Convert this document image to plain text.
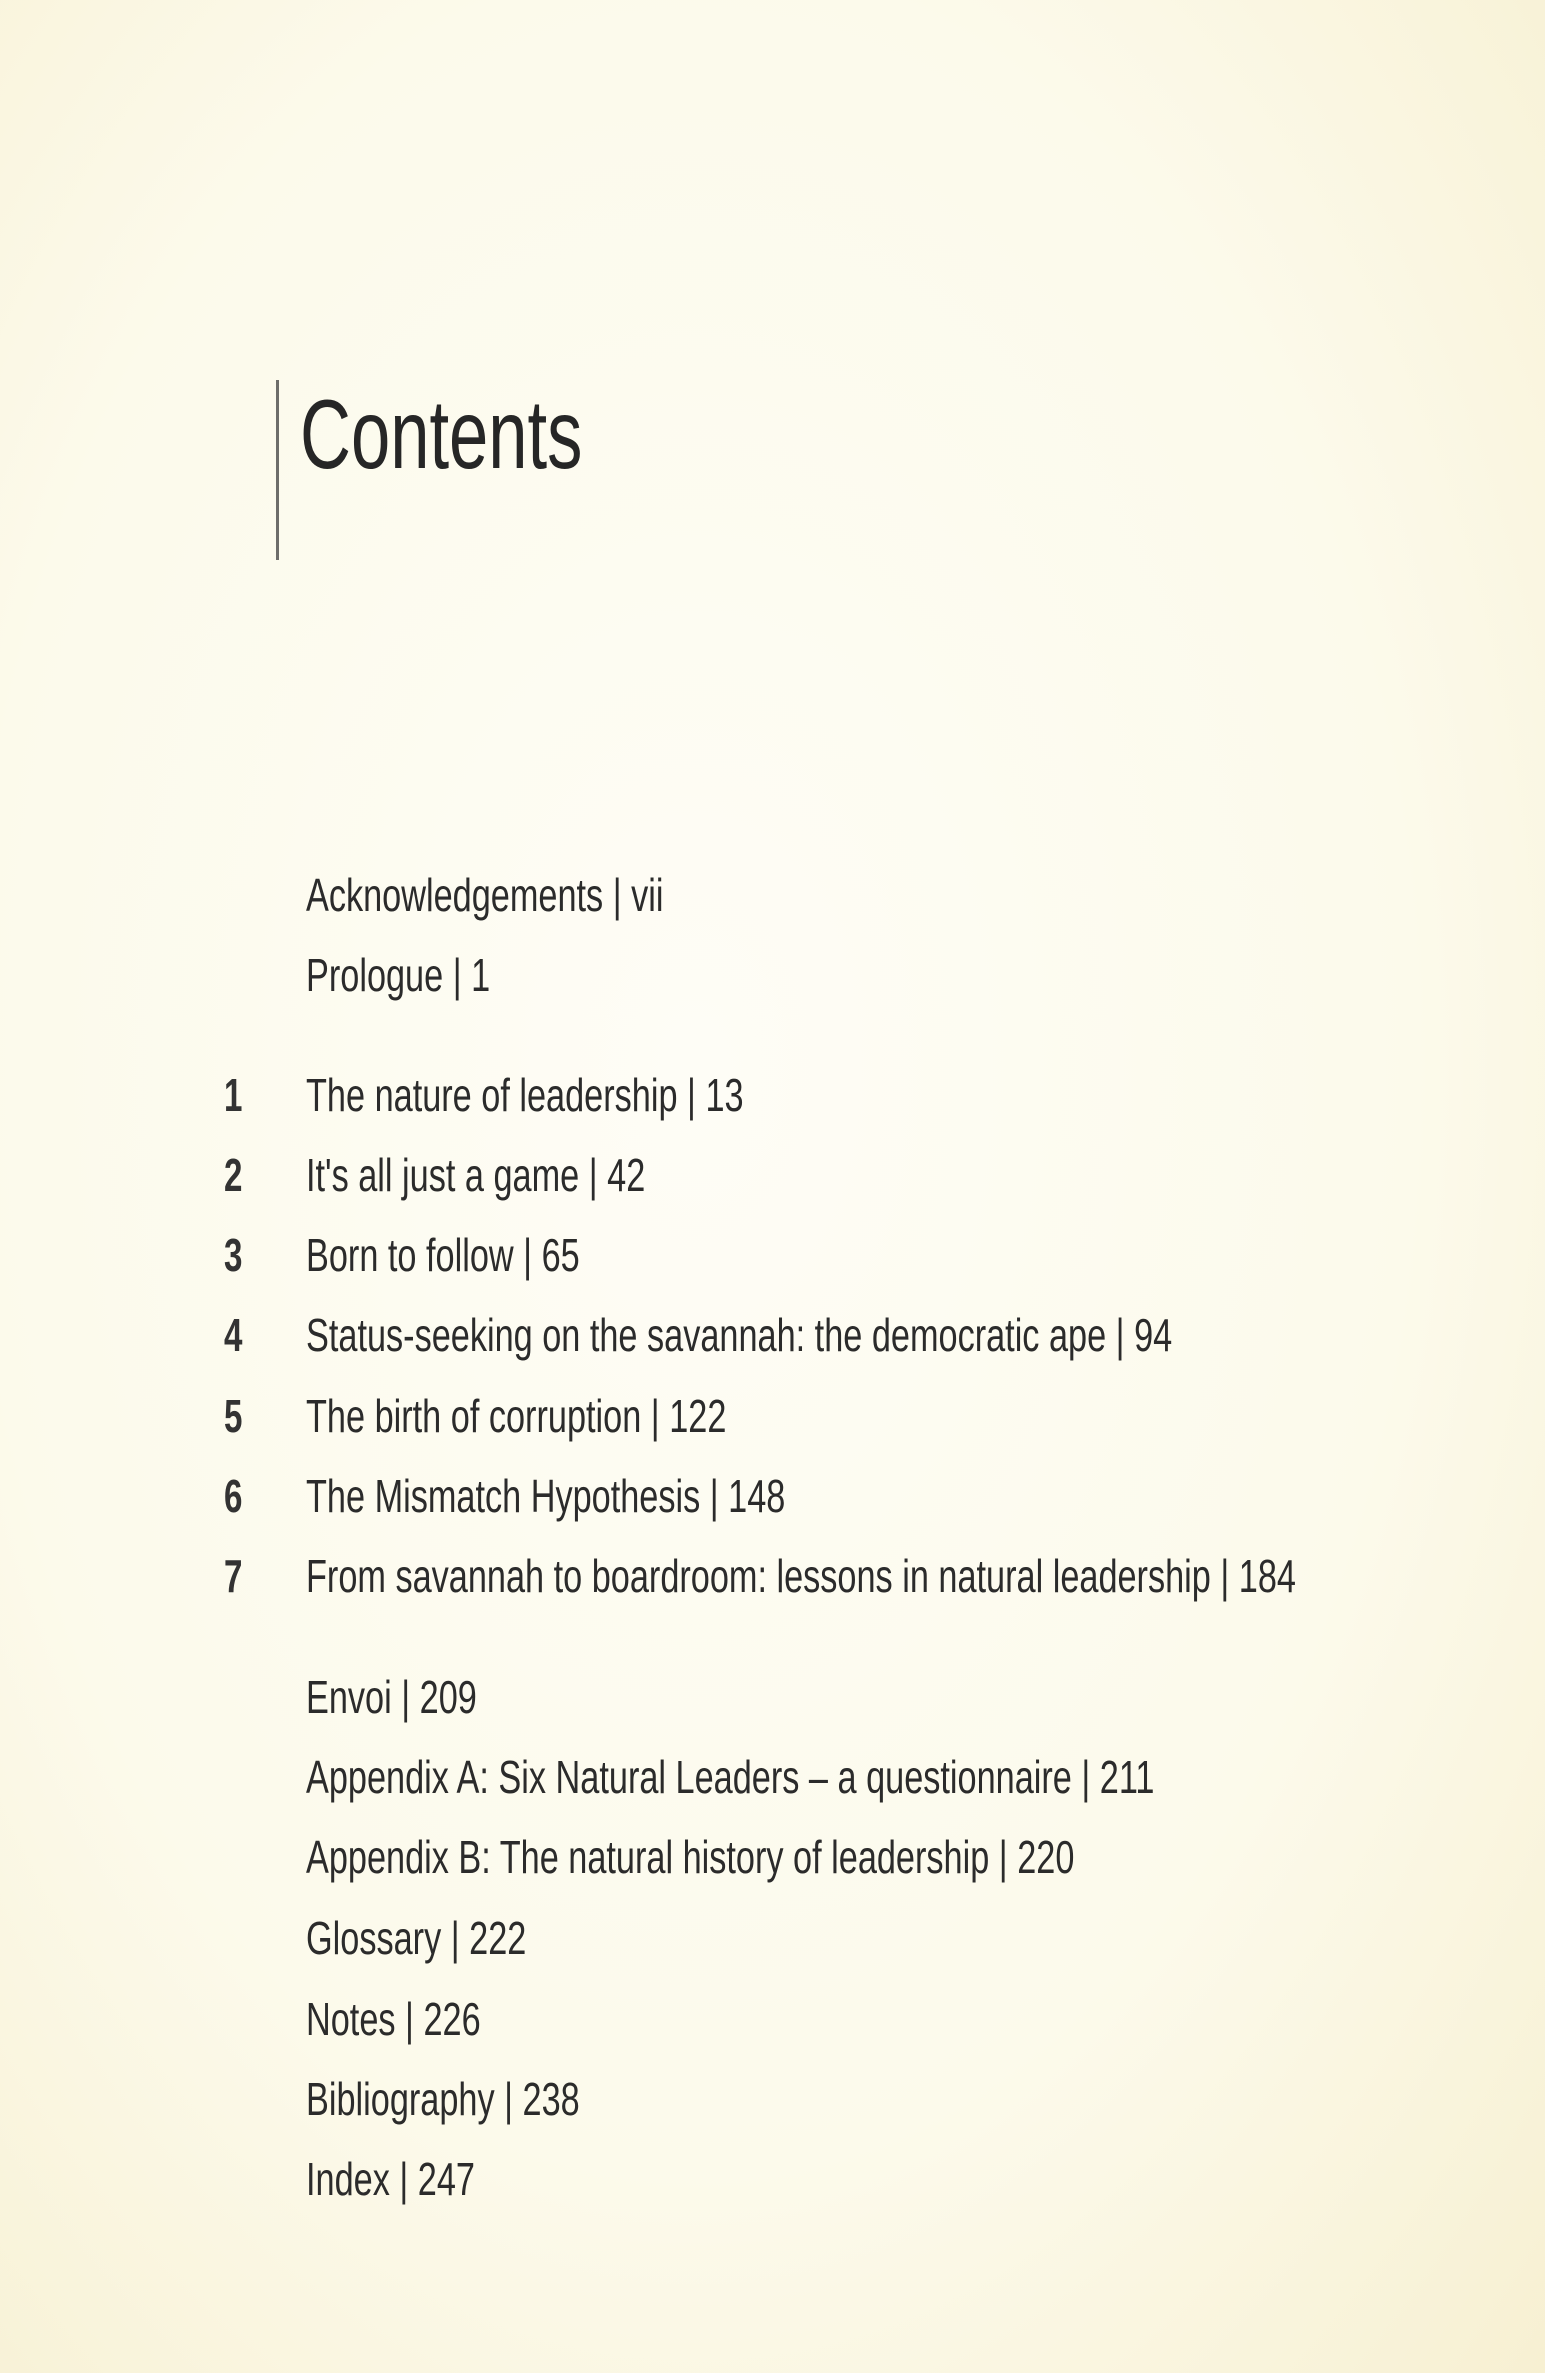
Contents
Acknowledgements | vii
Prologue | 1
1 The nature of leadership | 13
2 It's all just a game | 42
3 Born to follow | 65
4 Status-seeking on the savannah: the democratic ape | 94
5 The birth of corruption | 122
6 The Mismatch Hypothesis | 148
7 From savannah to boardroom: lessons in natural leadership | 184
Envoi | 209
Appendix A: Six Natural Leaders – a questionnaire | 211
Appendix B: The natural history of leadership | 220
Glossary | 222
Notes | 226
Bibliography | 238
Index | 247
